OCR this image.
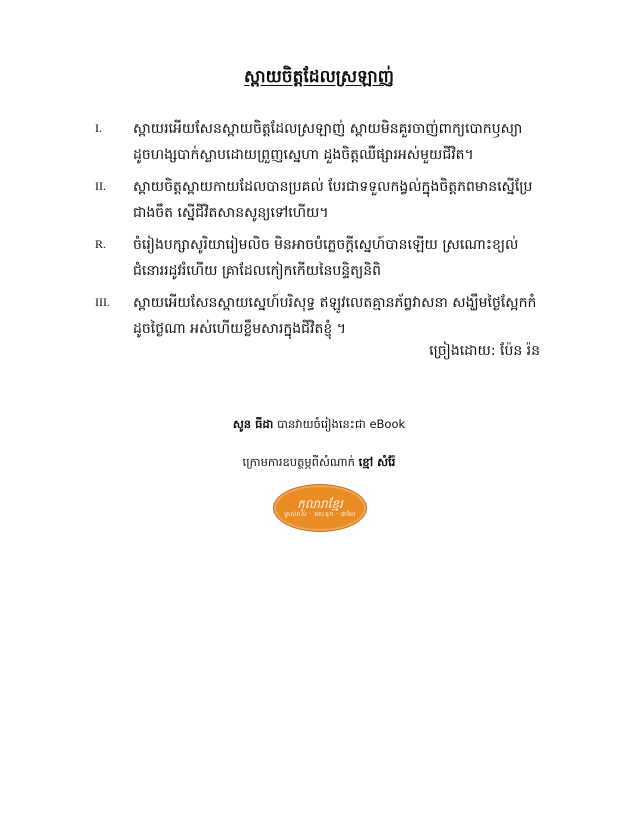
ស្ពាយចិត្តដែលស្រឡាញ់
I. ស្ពាយរអើយសែនស្ពាយចិត្តដែលស្រឡាញ់ ស្ពាយមិនគួរចាញ់ពាក្យបោកឫស្យា
ដូចហង្សបាក់ស្លាបដោយព្រួញស្នេហា ដួងចិត្តឈឺផ្សារអស់មួយជីវិត។
II. ស្ពាយចិត្តស្ពាយកាយដែលបានប្រគល់ បែរជាទទួលកង្វល់ក្នុងចិត្តភពមានស្នើប្រែ
ជាងចឹត ស្នើជីវិតសានសូន្យទៅហើយ។
R. ចំរៀងបក្សាសូរិយារៀមលិច មិនអាចបំភ្លេចក្តីស្នេហ៍បានឡើយ ស្រណោះខ្យល់
ជំនោររដូវរំហើយ គ្រាដែលកៀកកើយនៃបន្ទិត្យនិពិ
III. ស្ពាយអើយសែនស្ពាយស្នេហ៍បរិសុទ្ធ ឥឡូវលេតគ្មានភ័ព្វវាសនា សង្ឃឹមថ្ងៃស្អែកកំ
ដូចថ្ងៃណា អស់ហើយខ្លឹមសារក្នុងជីវិតខ្ញុំ ។
ច្រៀងដោយ: ប៉ែន រ៉ន
សូន ធីដា បានវាយចំរៀងនេះជា eBook
ក្រោមការឧបត្ថម្ភពីសំណាក់ ខ្មៅ សំរ៉ែ
កុលារាខ្មែរ
ម្ចាស់រាស់ · មោះឌុក · ផាមែរ
